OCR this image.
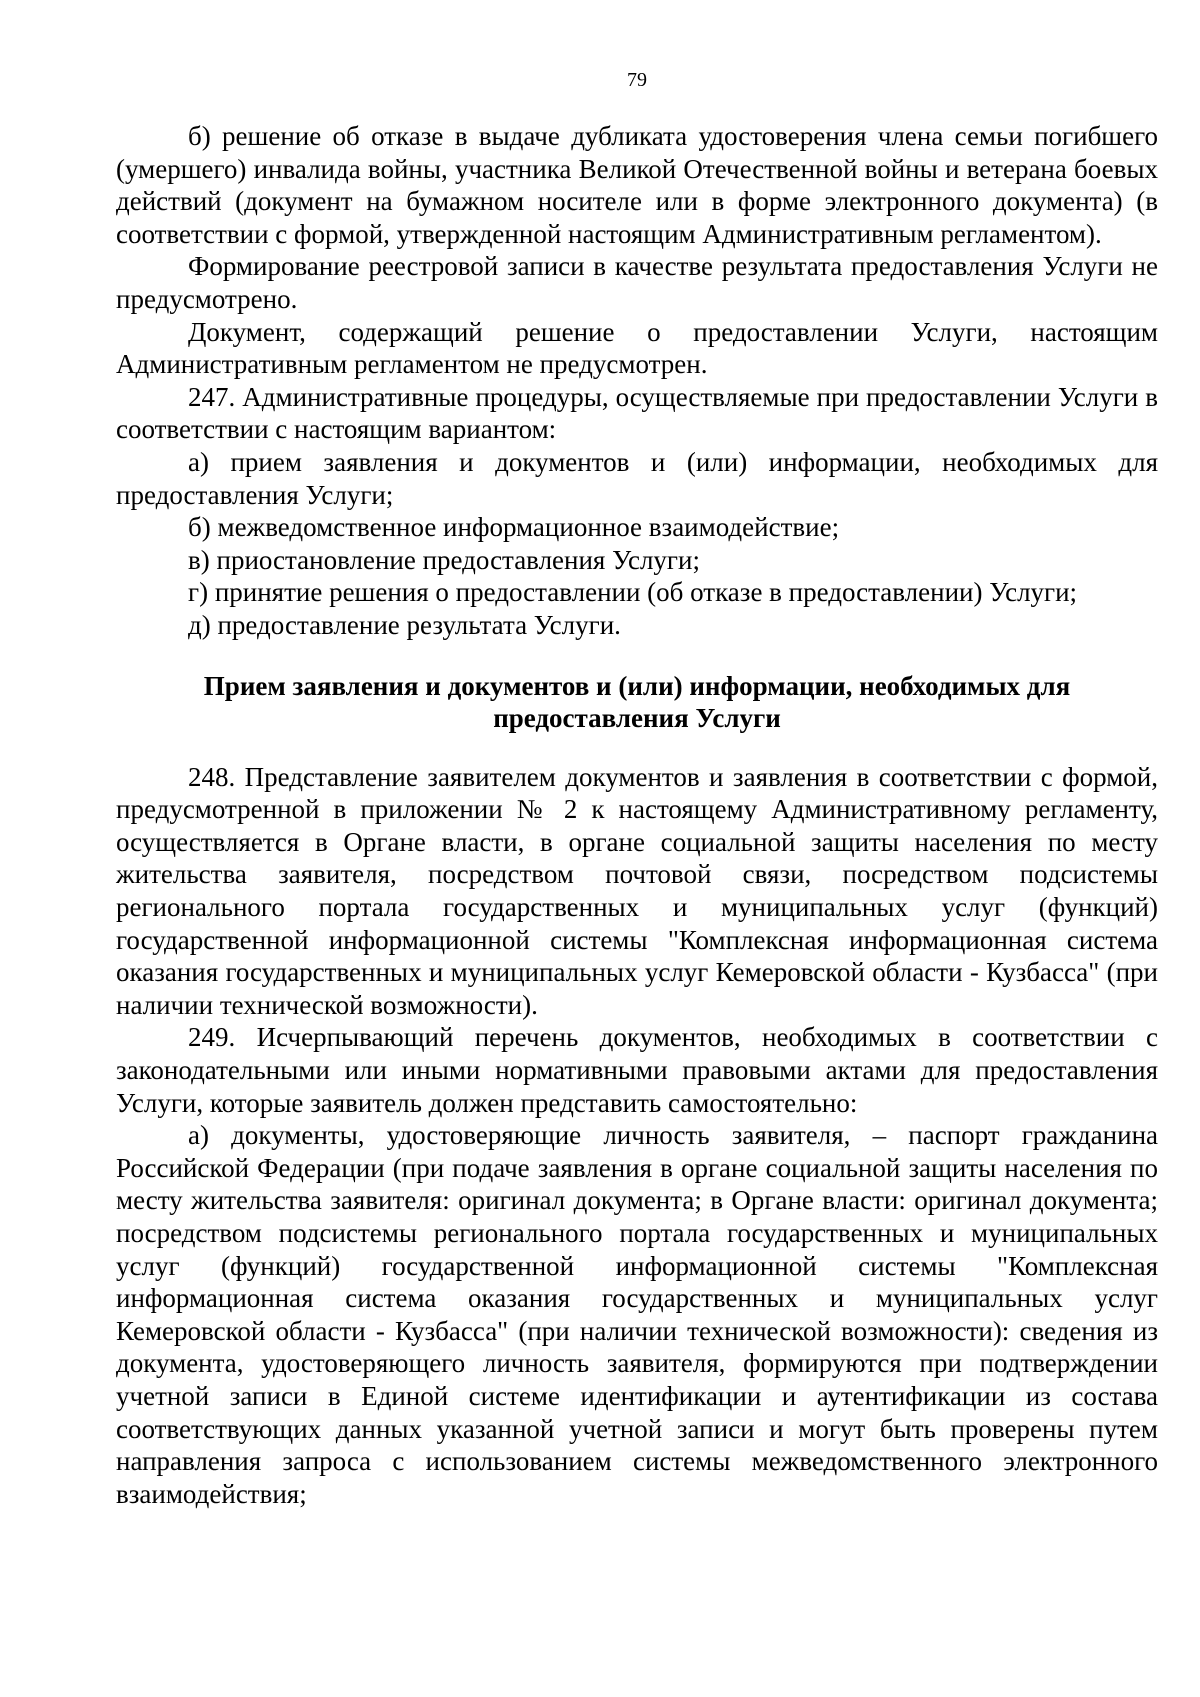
79

б) решение об отказе в выдаче дубликата удостоверения члена семьи погибшего (умершего) инвалида войны, участника Великой Отечественной войны и ветерана боевых действий (документ на бумажном носителе или в форме электронного документа) (в соответствии с формой, утвержденной настоящим Административным регламентом).

Формирование реестровой записи в качестве результата предоставления Услуги не предусмотрено.

Документ, содержащий решение о предоставлении Услуги, настоящим Административным регламентом не предусмотрен.

247. Административные процедуры, осуществляемые при предоставлении Услуги в соответствии с настоящим вариантом:

а) прием заявления и документов и (или) информации, необходимых для предоставления Услуги;

б) межведомственное информационное взаимодействие;

в) приостановление предоставления Услуги;

г) принятие решения о предоставлении (об отказе в предоставлении) Услуги;

д) предоставление результата Услуги.

Прием заявления и документов и (или) информации, необходимых для
предоставления Услуги

248. Представление заявителем документов и заявления в соответствии с формой, предусмотренной в приложении № 2 к настоящему Административному регламенту, осуществляется в Органе власти, в органе социальной защиты населения по месту жительства заявителя, посредством почтовой связи, посредством подсистемы регионального портала государственных и муниципальных услуг (функций) государственной информационной системы "Комплексная информационная система оказания государственных и муниципальных услуг Кемеровской области - Кузбасса" (при наличии технической возможности).

249. Исчерпывающий перечень документов, необходимых в соответствии с законодательными или иными нормативными правовыми актами для предоставления Услуги, которые заявитель должен представить самостоятельно:

а) документы, удостоверяющие личность заявителя, – паспорт гражданина Российской Федерации (при подаче заявления в органе социальной защиты населения по месту жительства заявителя: оригинал документа; в Органе власти: оригинал документа; посредством подсистемы регионального портала государственных и муниципальных услуг (функций) государственной информационной системы "Комплексная информационная система оказания государственных и муниципальных услуг Кемеровской области - Кузбасса" (при наличии технической возможности): сведения из документа, удостоверяющего личность заявителя, формируются при подтверждении учетной записи в Единой системе идентификации и аутентификации из состава соответствующих данных указанной учетной записи и могут быть проверены путем направления запроса с использованием системы межведомственного электронного взаимодействия;
